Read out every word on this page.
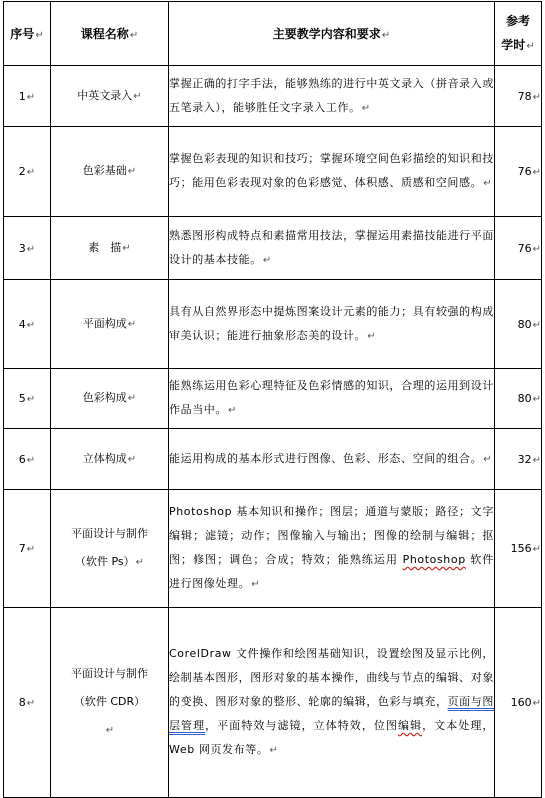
序号↵	课程名称↵	主要教学内容和要求↵	参考
学时↵
1↵	中英文录入↵	掌握正确的打字手法，能够熟练的进行中英文录入（拼音录入或五笔录入），能够胜任文字录入工作。↵	78↵
2↵	色彩基础↵	掌握色彩表现的知识和技巧；掌握环境空间色彩描绘的知识和技巧；能用色彩表现对象的色彩感觉、体积感、质感和空间感。↵	76↵
3↵	素　描↵	熟悉图形构成特点和素描常用技法，掌握运用素描技能进行平面设计的基本技能。↵	76↵
4↵	平面构成↵	具有从自然界形态中提炼图案设计元素的能力；具有较强的构成审美认识；能进行抽象形态美的设计。↵	80↵
5↵	色彩构成↵	能熟练运用色彩心理特征及色彩情感的知识，合理的运用到设计作品当中。↵	80↵
6↵	立体构成↵	能运用构成的基本形式进行图像、色彩、形态、空间的组合。↵	32↵
7↵	平面设计与制作
（软件 Ps）↵	Photoshop 基本知识和操作；图层；通道与蒙版；路径；文字编辑；滤镜；动作；图像输入与输出；图像的绘制与编辑；抠图；修图；调色；合成；特效；能熟练运用 Photoshop 软件进行图像处理。↵	156↵
8↵	平面设计与制作
（软件 CDR）
↵	CorelDraw 文件操作和绘图基础知识，设置绘图及显示比例，绘制基本图形，图形对象的基本操作，曲线与节点的编辑、对象的变换、图形对象的整形、轮廓的编辑，色彩与填充，页面与图层管理，平面特效与滤镜，立体特效，位图编辑，文本处理，Web 网页发布等。↵	160↵
